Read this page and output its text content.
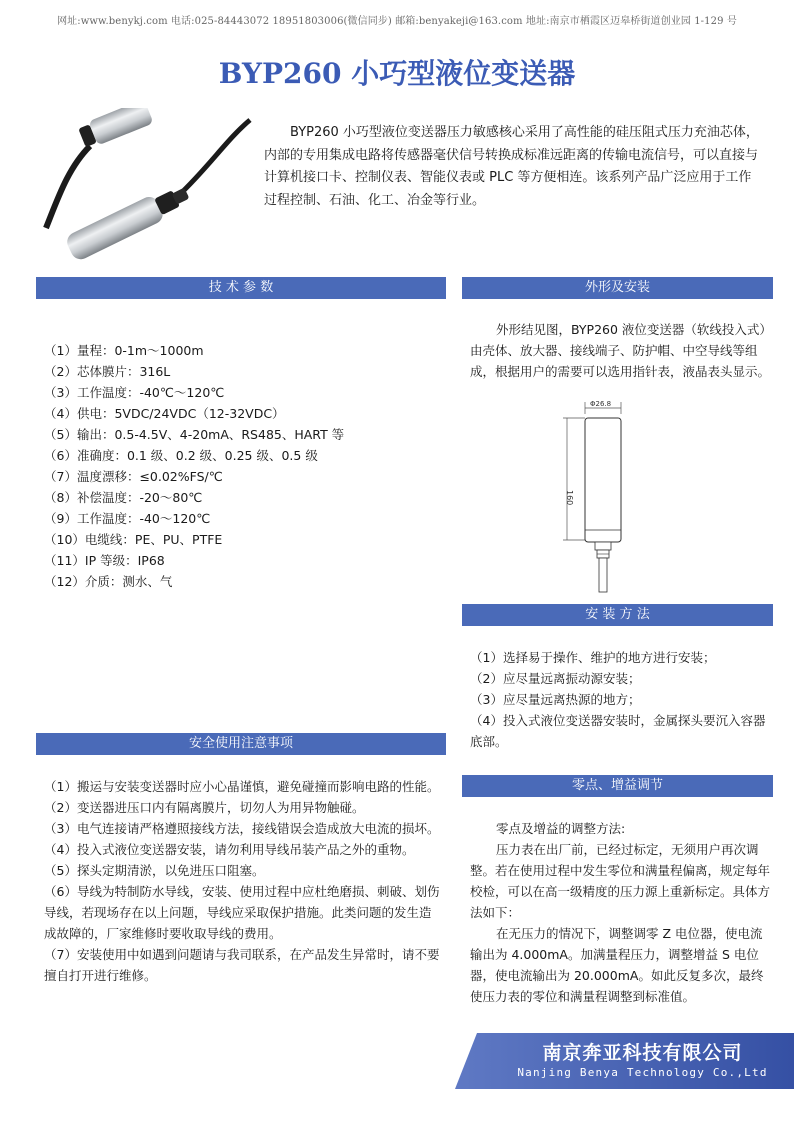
网址:www.benykj.com 电话:025-84443072 18951803006(微信同步) 邮箱:benyakeji@163.com 地址:南京市栖霞区迈皋桥街道创业园 1-129 号
BYP260 小巧型液位变送器
BYP260 小巧型液位变送器压力敏感核心采用了高性能的硅压阻式压力充油芯体，内部的专用集成电路将传感器毫伏信号转换成标准远距离的传输电流信号，可以直接与计算机接口卡、控制仪表、智能仪表或 PLC 等方便相连。该系列产品广泛应用于工作过程控制、石油、化工、冶金等行业。
技 术 参 数
（1）量程：0-1m～1000m
（2）芯体膜片：316L
（3）工作温度：-40℃～120℃
（4）供电：5VDC/24VDC（12-32VDC）
（5）输出：0.5-4.5V、4-20mA、RS485、HART 等
（6）准确度：0.1 级、0.2 级、0.25 级、0.5 级
（7）温度漂移：≤0.02%FS/℃
（8）补偿温度：-20～80℃
（9）工作温度：-40～120℃
（10）电缆线：PE、PU、PTFE
（11）IP 等级：IP68
（12）介质：测水、气
外形及安装
外形结见图，BYP260 液位变送器（软线投入式）由壳体、放大器、接线端子、防护帽、中空导线等组成，根据用户的需要可以选用指针表，液晶表头显示。
Φ26.8
160
安 装 方 法

（1）选择易于操作、维护的地方进行安装；

（2）应尽量远离振动源安装；

（3）应尽量远离热源的地方；

（4）投入式液位变送器安装时，金属探头要沉入容器底部。

安全使用注意事项

（1）搬运与安装变送器时应小心晶谨慎，避免碰撞而影响电路的性能。

（2）变送器进压口内有隔离膜片，切勿人为用异物触碰。

（3）电气连接请严格遵照接线方法，接线错误会造成放大电流的损坏。

（4）投入式液位变送器安装，请勿利用导线吊装产品之外的重物。

（5）探头定期清淤，以免进压口阻塞。

（6）导线为特制防水导线，安装、使用过程中应杜绝磨损、刺破、划伤导线，若现场存在以上问题，导线应采取保护措施。此类问题的发生造成故障的，厂家维修时要收取导线的费用。

（7）安装使用中如遇到问题请与我司联系，在产品发生异常时，请不要擅自打开进行维修。

零点、增益调节

零点及增益的调整方法:

压力表在出厂前，已经过标定，无须用户再次调整。若在使用过程中发生零位和满量程偏离，规定每年校检，可以在高一级精度的压力源上重新标定。具体方法如下：

在无压力的情况下，调整调零 Z 电位器，使电流输出为 4.000mA。加满量程压力，调整增益 S 电位器，使电流输出为 20.000mA。如此反复多次，最终使压力表的零位和满量程调整到标准值。

南京奔亚科技有限公司
Nanjing Benya Technology Co.,Ltd
